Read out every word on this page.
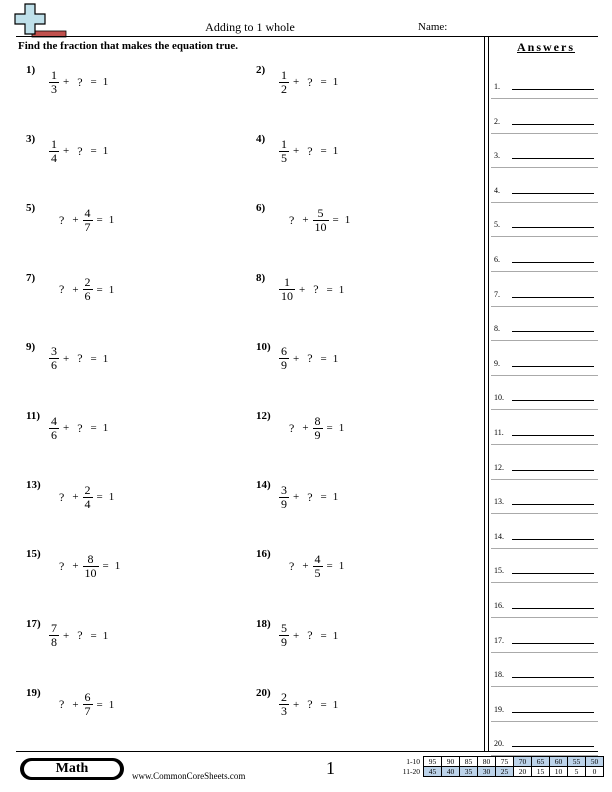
Adding to 1 whole	Name:
Find the fraction that makes the equation true.	Answers
1.
2.
3.
4.
5.
6.
7.
8.
9.
10.
11.
12.
13.
14.
15.
16.
17.
18.
19.
20.
$1) \frac{1}{3}$ + ? = 1
$2) \frac{1}{2}$ + ? = 1
$3) \frac{1}{4}$ + ? = 1
$4) \frac{1}{5}$ + ? = 1
5)
? + $\frac{4}{7} = 1$
6)
? + $\frac{5}{10} = 1$
7)
? + $\frac{2}{6} = 1$
$8) \frac{1}{10}$ + ? = 1
$9) \frac{3}{6}$ + ? = 1
$10) \frac{6}{9}$ + ? = 1
$11) \frac{4}{6}$ + ? = 1
12)
? + $\frac{8}{9} = 1$
13)
? + $\frac{2}{4} = 1$
$14) \frac{3}{9}$ + ? = 1
15)
? + $\frac{8}{10} = 1$
16)
? + $\frac{4}{5} = 1$
$17) \frac{7}{8}$ + ? = 1
$18) \frac{5}{9}$ + ? = 1
19)
? + $\frac{6}{7} = 1$
$20) \frac{2}{3}$ + ? = 1
Math	www.CommonCoreSheets.com	1	1-10	95	90	85	80	75	70	65	60	55	50
11-20	45	40	35	30	25	20	15	10	5	0
